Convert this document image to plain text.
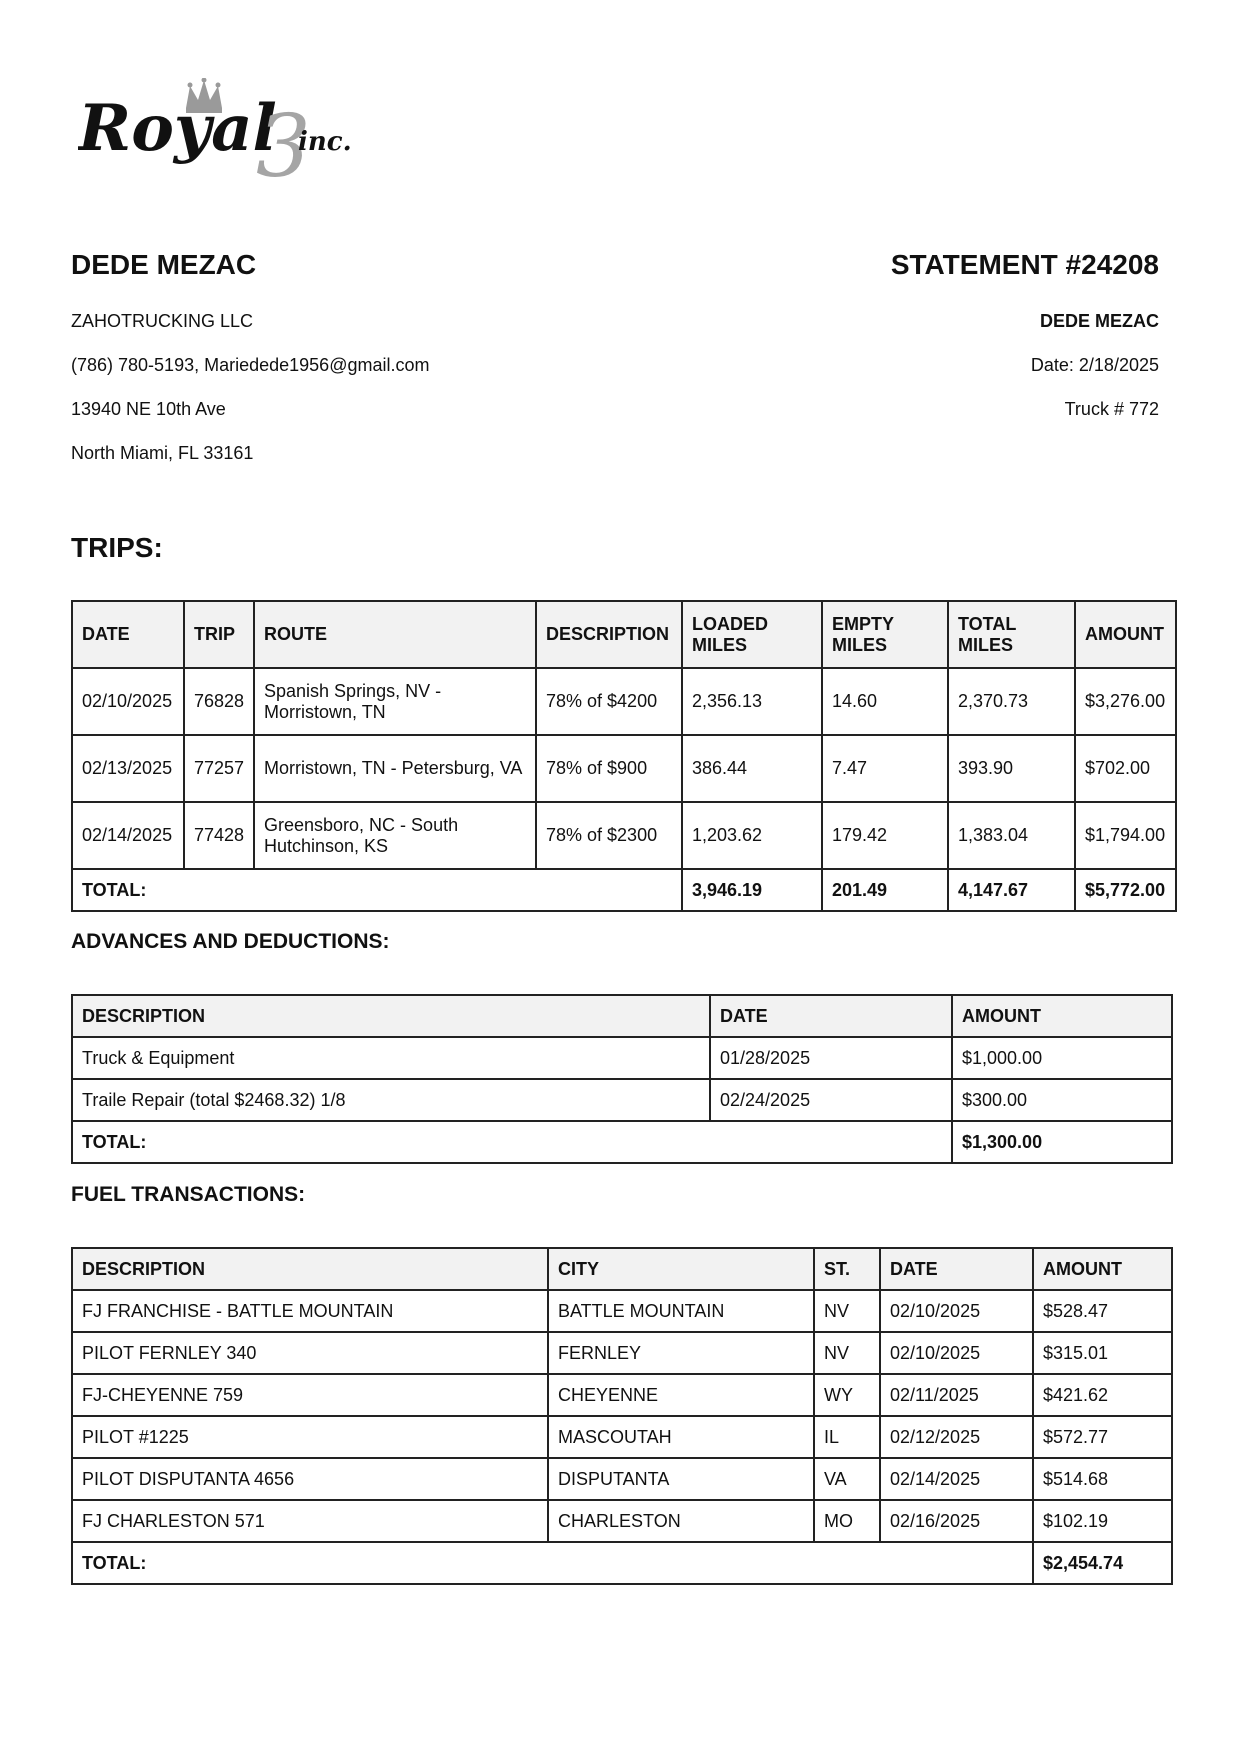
Royal
3
inc.
DEDE MEZAC
ZAHOTRUCKING LLC
(786) 780-5193, Mariedede1956@gmail.com
13940 NE 10th Ave
North Miami, FL 33161
STATEMENT #24208
DEDE MEZAC
Date: 2/18/2025
Truck # 772
TRIPS:
DATE	TRIP	ROUTE	DESCRIPTION	LOADED MILES	EMPTY MILES	TOTAL MILES	AMOUNT
02/10/2025	76828	Spanish Springs, NV - Morristown, TN	78% of $4200	2,356.13	14.60	2,370.73	$3,276.00
02/13/2025	77257	Morristown, TN - Petersburg, VA	78% of $900	386.44	7.47	393.90	$702.00
02/14/2025	77428	Greensboro, NC - South Hutchinson, KS	78% of $2300	1,203.62	179.42	1,383.04	$1,794.00
TOTAL:				3,946.19	201.49	4,147.67	$5,772.00
ADVANCES AND DEDUCTIONS:
DESCRIPTION	DATE	AMOUNT
Truck & Equipment	01/28/2025	$1,000.00
Traile Repair (total $2468.32) 1/8	02/24/2025	$300.00
TOTAL:		$1,300.00
FUEL TRANSACTIONS:
DESCRIPTION	CITY	ST.	DATE	AMOUNT
FJ FRANCHISE - BATTLE MOUNTAIN	BATTLE MOUNTAIN	NV	02/10/2025	$528.47
PILOT FERNLEY 340	FERNLEY	NV	02/10/2025	$315.01
FJ-CHEYENNE 759	CHEYENNE	WY	02/11/2025	$421.62
PILOT #1225	MASCOUTAH	IL	02/12/2025	$572.77
PILOT DISPUTANTA 4656	DISPUTANTA	VA	02/14/2025	$514.68
FJ CHARLESTON 571	CHARLESTON	MO	02/16/2025	$102.19
TOTAL:				$2,454.74
